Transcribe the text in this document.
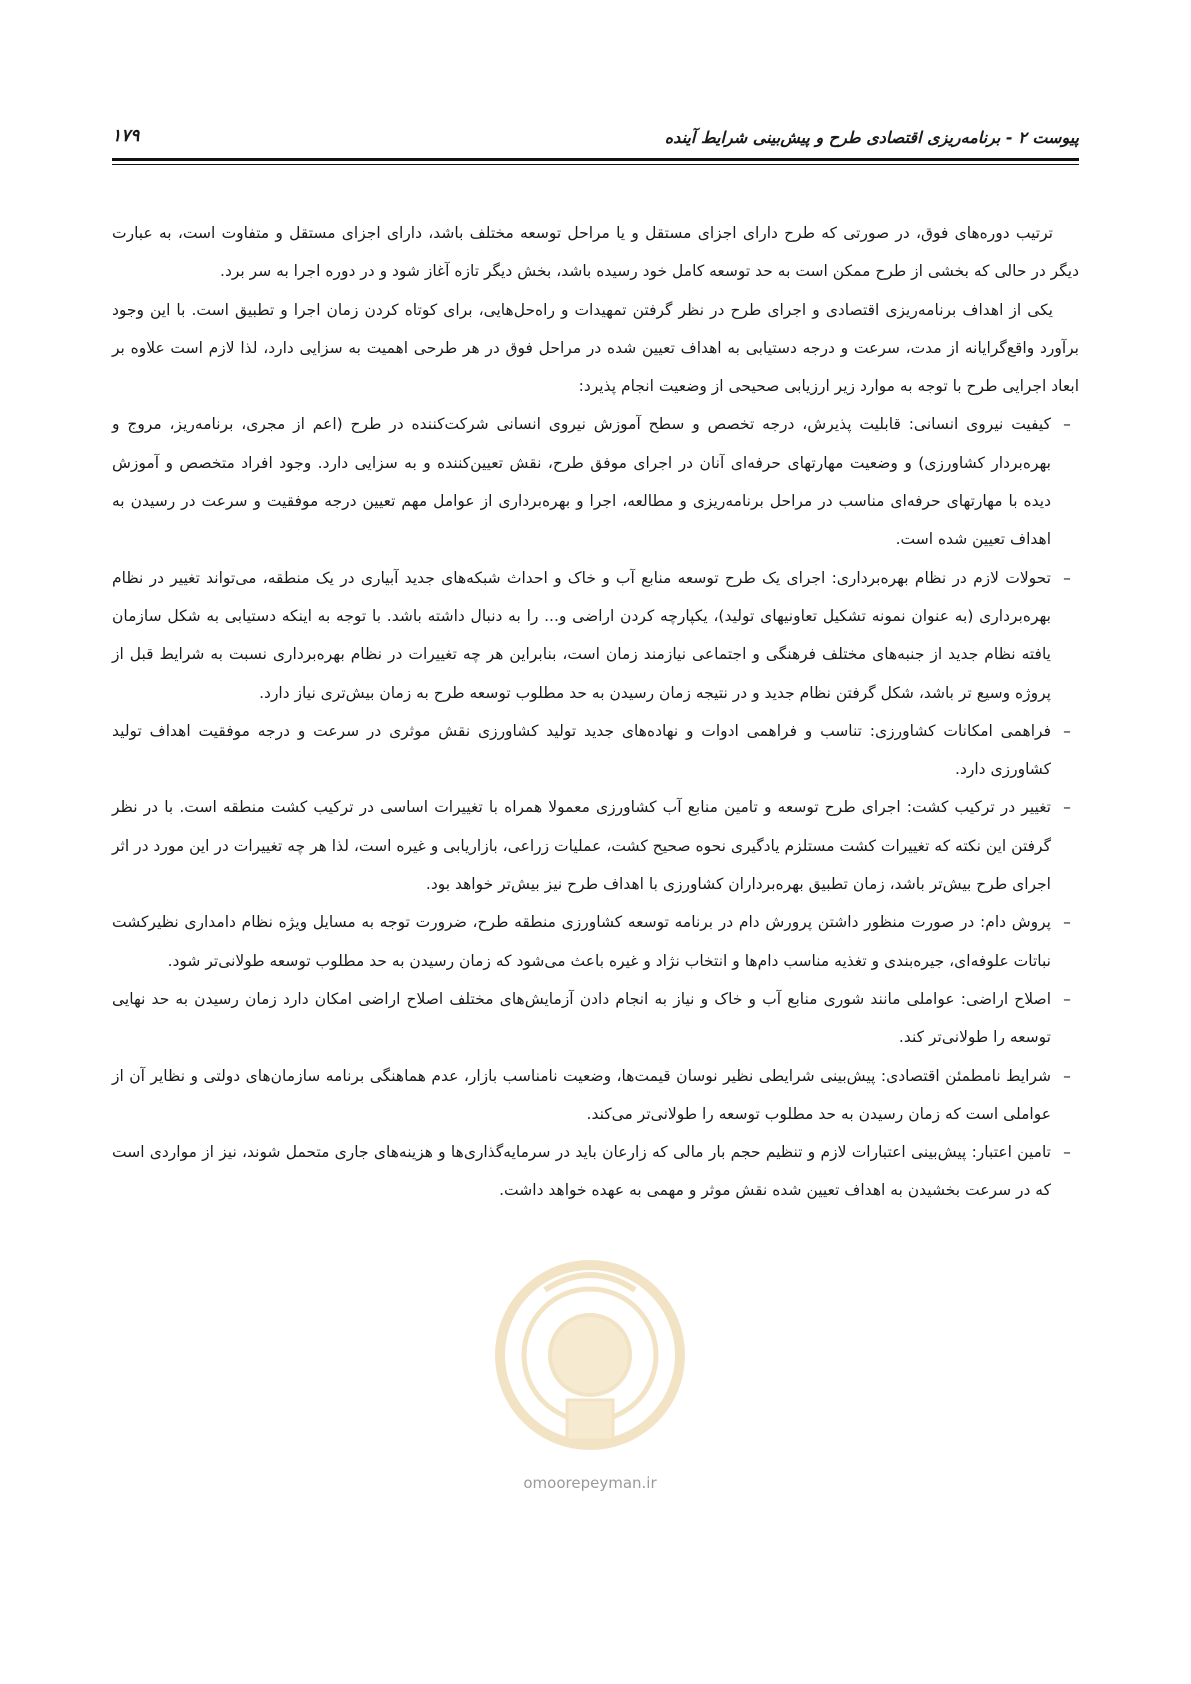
پیوست ۲ - برنامه‌ریزی اقتصادی طرح و پیش‌بینی شرایط آینده
۱۷۹

ترتیب دوره‌های فوق، در صورتی که طرح دارای اجزای مستقل و یا مراحل توسعه مختلف باشد، دارای اجزای مستقل و متفاوت است، به عبارت دیگر در حالی که بخشی از طرح ممکن است به حد توسعه کامل خود رسیده باشد، بخش دیگر تازه آغاز شود و در دوره اجرا به سر برد.

یکی از اهداف برنامه‌ریزی اقتصادی و اجرای طرح در نظر گرفتن تمهیدات و راه‌حل‌هایی، برای کوتاه کردن زمان اجرا و تطبیق است. با این وجود برآورد واقع‌گرایانه از مدت، سرعت و درجه دستیابی به اهداف تعیین شده در مراحل فوق در هر طرحی اهمیت به سزایی دارد، لذا لازم است علاوه بر ابعاد اجرایی طرح با توجه به موارد زیر ارزیابی صحیحی از وضعیت انجام پذیرد:

–
کیفیت نیروی انسانی: قابلیت پذیرش، درجه تخصص و سطح آموزش نیروی انسانی شرکت‌کننده در طرح (اعم از مجری، برنامه‌ریز، مروج و بهره‌بردار کشاورزی) و وضعیت مهارتهای حرفه‌ای آنان در اجرای موفق طرح، نقش تعیین‌کننده و به سزایی دارد. وجود افراد متخصص و آموزش دیده با مهارتهای حرفه‌ای مناسب در مراحل برنامه‌ریزی و مطالعه، اجرا و بهره‌برداری از عوامل مهم تعیین درجه موفقیت و سرعت در رسیدن به اهداف تعیین شده است.
–
تحولات لازم در نظام بهره‌برداری: اجرای یک طرح توسعه منابع آب و خاک و احداث شبکه‌های جدید آبیاری در یک منطقه، می‌تواند تغییر در نظام بهره‌برداری (به عنوان نمونه تشکیل تعاونیهای تولید)، یکپارچه کردن اراضی و... را به دنبال داشته باشد. با توجه به اینکه دستیابی به شکل سازمان یافته نظام جدید از جنبه‌های مختلف فرهنگی و اجتماعی نیازمند زمان است، بنابراین هر چه تغییرات در نظام بهره‌برداری نسبت به شرایط قبل از پروژه وسیع تر باشد، شکل گرفتن نظام جدید و در نتیجه زمان رسیدن به حد مطلوب توسعه طرح به زمان بیش‌تری نیاز دارد.
–
فراهمی امکانات کشاورزی: تناسب و فراهمی ادوات و نهاده‌های جدید تولید کشاورزی نقش موثری در سرعت و درجه موفقیت اهداف تولید کشاورزی دارد.
–
تغییر در ترکیب کشت: اجرای طرح توسعه و تامین منابع آب کشاورزی معمولا همراه با تغییرات اساسی در ترکیب کشت منطقه است. با در نظر گرفتن این نکته که تغییرات کشت مستلزم یادگیری نحوه صحیح کشت، عملیات زراعی، بازاریابی و غیره است، لذا هر چه تغییرات در این مورد در اثر اجرای طرح بیش‌تر باشد، زمان تطبیق بهره‌برداران کشاورزی با اهداف طرح نیز بیش‌تر خواهد بود.
–
پروش دام: در صورت منظور داشتن پرورش دام در برنامه توسعه کشاورزی منطقه طرح، ضرورت توجه به مسایل ویژه نظام دامداری نظیرکشت نباتات علوفه‌ای، جیره‌بندی و تغذیه مناسب دام‌ها و انتخاب نژاد و غیره باعث می‌شود که زمان رسیدن به حد مطلوب توسعه طولانی‌تر شود.
–
اصلاح اراضی: عواملی مانند شوری منابع آب و خاک و نیاز به انجام دادن آزمایش‌های مختلف اصلاح اراضی امکان دارد زمان رسیدن به حد نهایی توسعه را طولانی‌تر کند.
–
شرایط نامطمئن اقتصادی: پیش‌بینی شرایطی نظیر نوسان قیمت‌ها، وضعیت نامناسب بازار، عدم هماهنگی برنامه سازمان‌های دولتی و نظایر آن از عواملی است که زمان رسیدن به حد مطلوب توسعه را طولانی‌تر می‌کند.
–
تامین اعتبار: پیش‌بینی اعتبارات لازم و تنظیم حجم بار مالی که زارعان باید در سرمایه‌گذاری‌ها و هزینه‌های جاری متحمل شوند، نیز از مواردی است که در سرعت بخشیدن به اهداف تعیین شده نقش موثر و مهمی به عهده خواهد داشت.
omoorepeyman.ir
